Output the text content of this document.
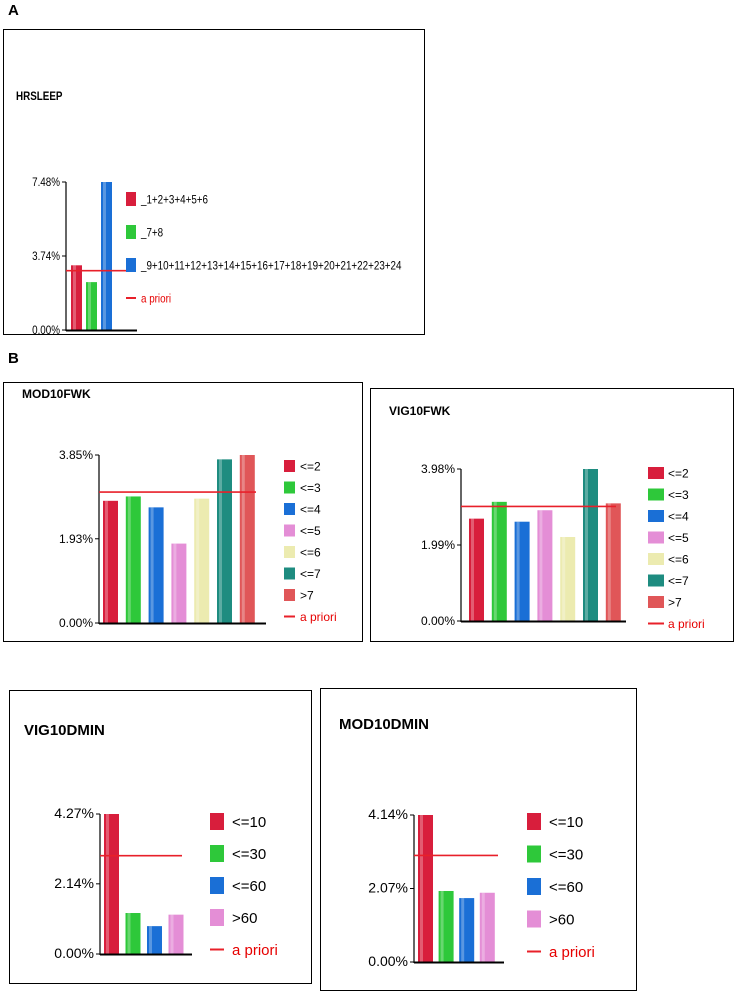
A
B
HRSLEEP
7.48%
3.74%
0.00%
_1+2+3+4+5+6
_7+8
_9+10+11+12+13+14+15+16+17+18+19+20+21+22+23+24
a priori
MOD10FWK
3.85%
1.93%
0.00%
<=2
<=3
<=4
<=5
<=6
<=7
>7
a priori
VIG10FWK
3.98%
1.99%
0.00%
<=2
<=3
<=4
<=5
<=6
<=7
>7
a priori
VIG10DMIN
4.27%
2.14%
0.00%
<=10
<=30
<=60
>60
a priori
MOD10DMIN
4.14%
2.07%
0.00%
<=10
<=30
<=60
>60
a priori
